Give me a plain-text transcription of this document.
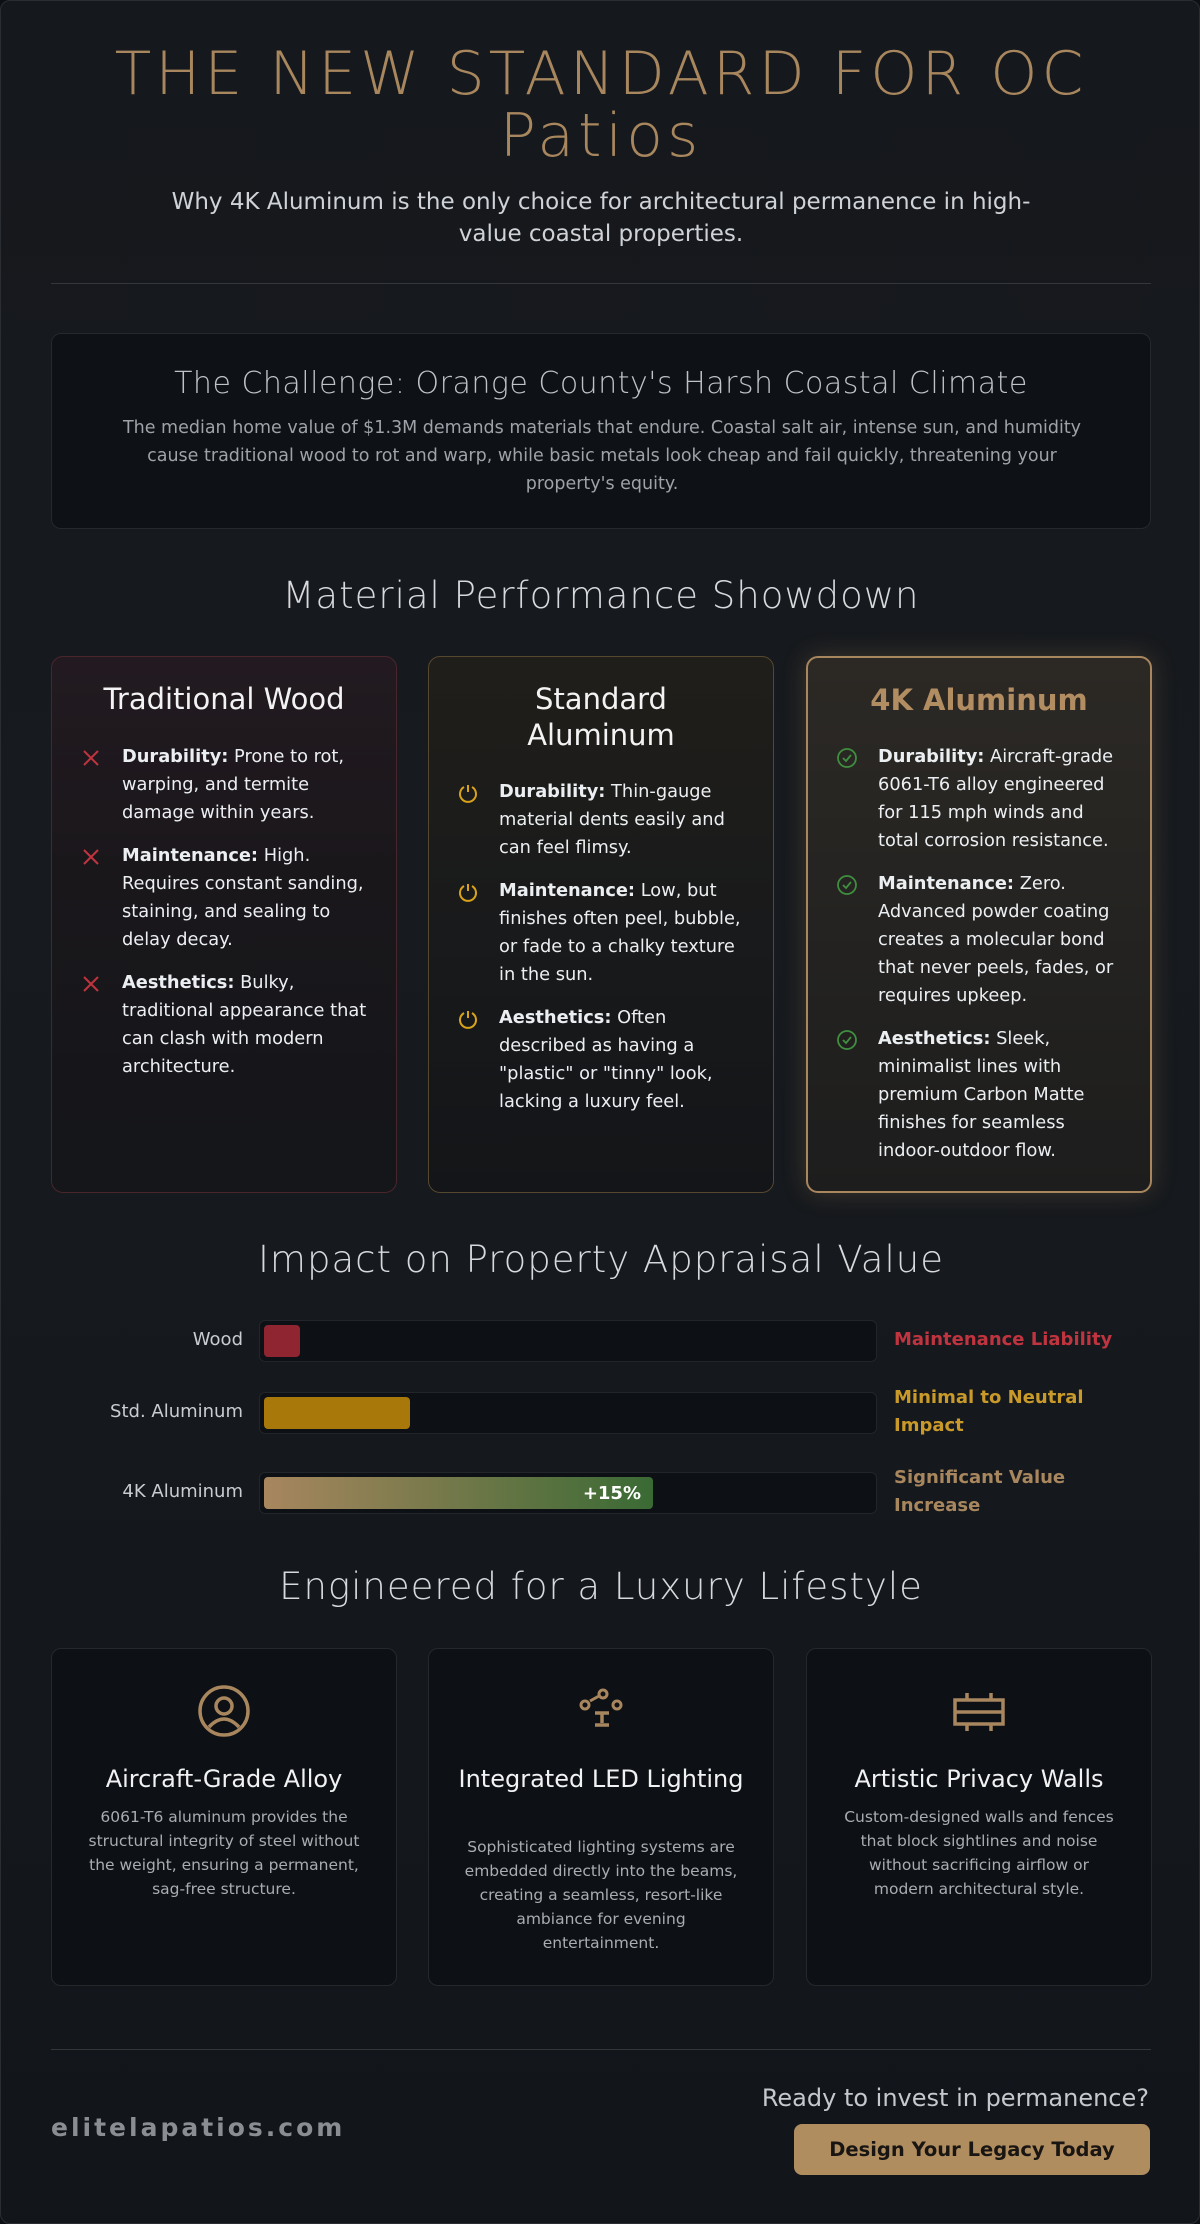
THE NEW STANDARD FOR OC
Patios
Why 4K Aluminum is the only choice for architectural permanence in high-value coastal properties.
The Challenge: Orange County's Harsh Coastal Climate

The median home value of $1.3M demands materials that endure. Coastal salt air, intense sun, and humidity cause traditional wood to rot and warp, while basic metals look cheap and fail quickly, threatening your property's equity.

Material Performance Showdown
Traditional Wood
Durability: Prone to rot, warping, and termite damage within years.
Maintenance: High. Requires constant sanding, staining, and sealing to delay decay.
Aesthetics: Bulky, traditional appearance that can clash with modern architecture.
Standard Aluminum
Durability: Thin-gauge material dents easily and can feel flimsy.
Maintenance: Low, but finishes often peel, bubble, or fade to a chalky texture in the sun.
Aesthetics: Often described as having a "plastic" or "tinny" look, lacking a luxury feel.
4K Aluminum
Durability: Aircraft-grade 6061-T6 alloy engineered for 115 mph winds and total corrosion resistance.
Maintenance: Zero. Advanced powder coating creates a molecular bond that never peels, fades, or requires upkeep.
Aesthetics: Sleek, minimalist lines with premium Carbon Matte finishes for seamless indoor-outdoor flow.
Impact on Property Appraisal Value
Wood	Maintenance Liability
Std. Aluminum
Minimal to Neutral Impact
4K Aluminum	+15%
Significant Value Increase
Engineered for a Luxury Lifestyle
Aircraft-Grade Alloy

6061-T6 aluminum provides the structural integrity of steel without the weight, ensuring a permanent, sag-free structure.

Integrated LED Lighting

Sophisticated lighting systems are embedded directly into the beams, creating a seamless, resort-like ambiance for evening entertainment.

Artistic Privacy Walls

Custom-designed walls and fences that block sightlines and noise without sacrificing airflow or modern architectural style.

elitelapatios.com
Ready to invest in permanence?
Design Your Legacy Today
